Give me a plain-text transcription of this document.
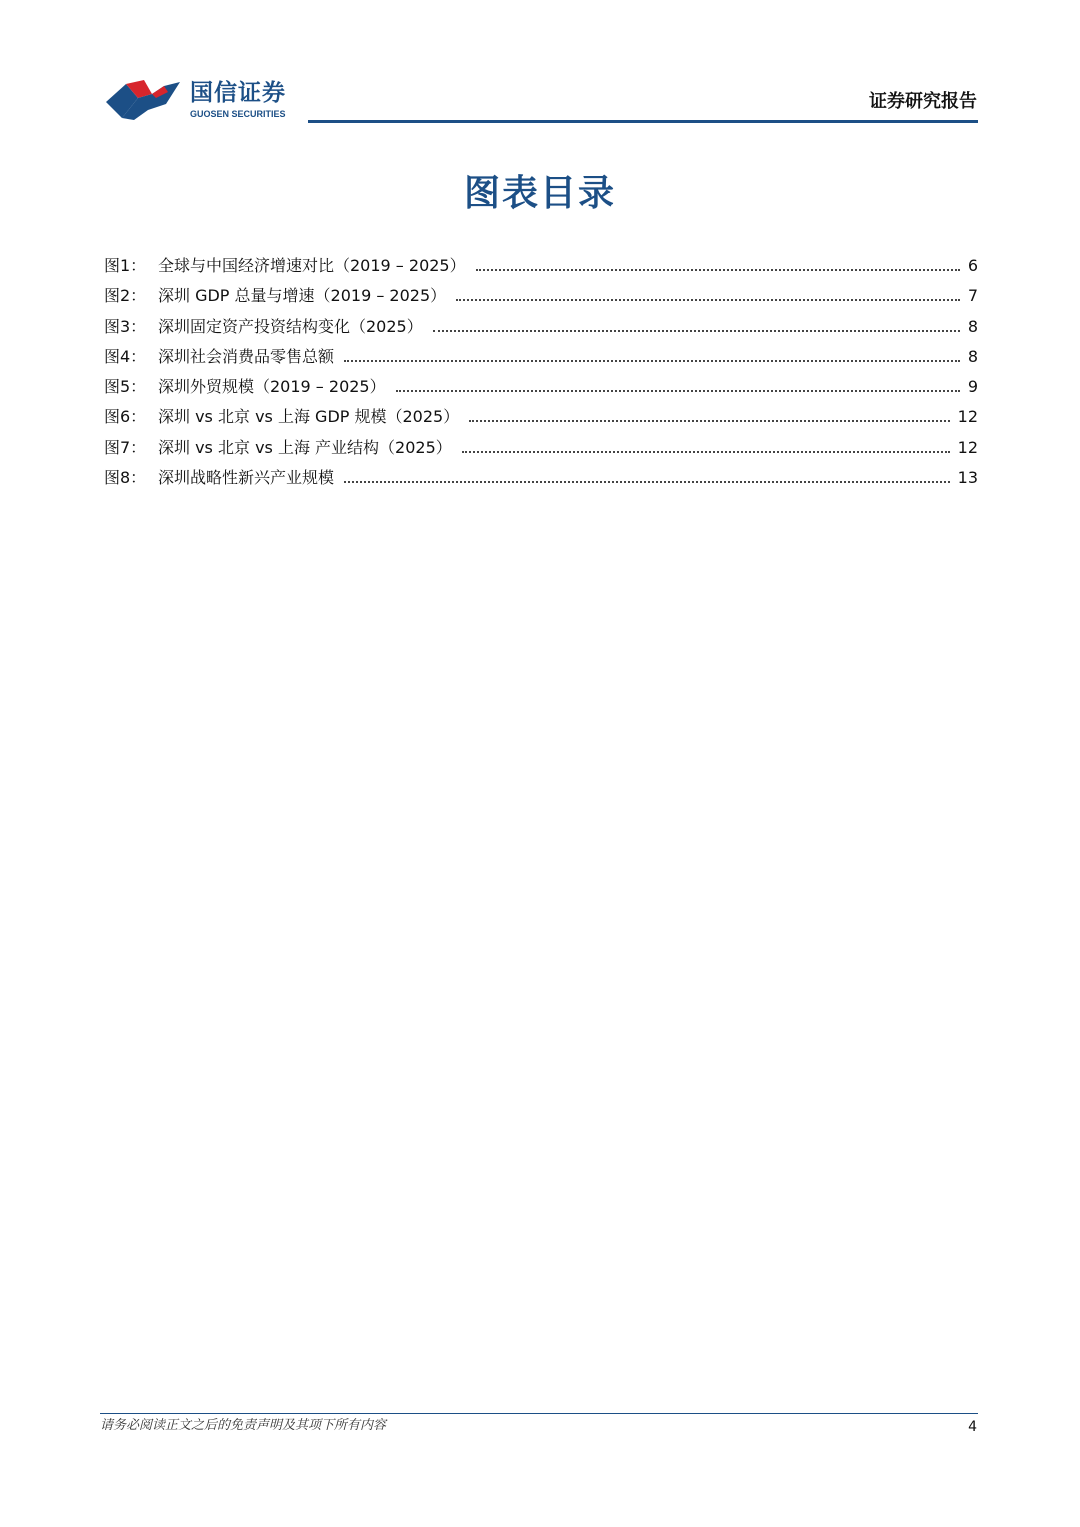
国信证券
GUOSEN SECURITIES
证券研究报告
图表目录
图1： 全球与中国经济增速对比（2019 – 2025）	6
图2： 深圳 GDP 总量与增速（2019 – 2025）	7
图3： 深圳固定资产投资结构变化（2025）	8
图4： 深圳社会消费品零售总额	8
图5： 深圳外贸规模（2019 – 2025）	9
图6： 深圳 vs 北京 vs 上海 GDP 规模（2025）	12
图7： 深圳 vs 北京 vs 上海 产业结构（2025）	12
图8： 深圳战略性新兴产业规模	13
请务必阅读正文之后的免责声明及其项下所有内容	4
